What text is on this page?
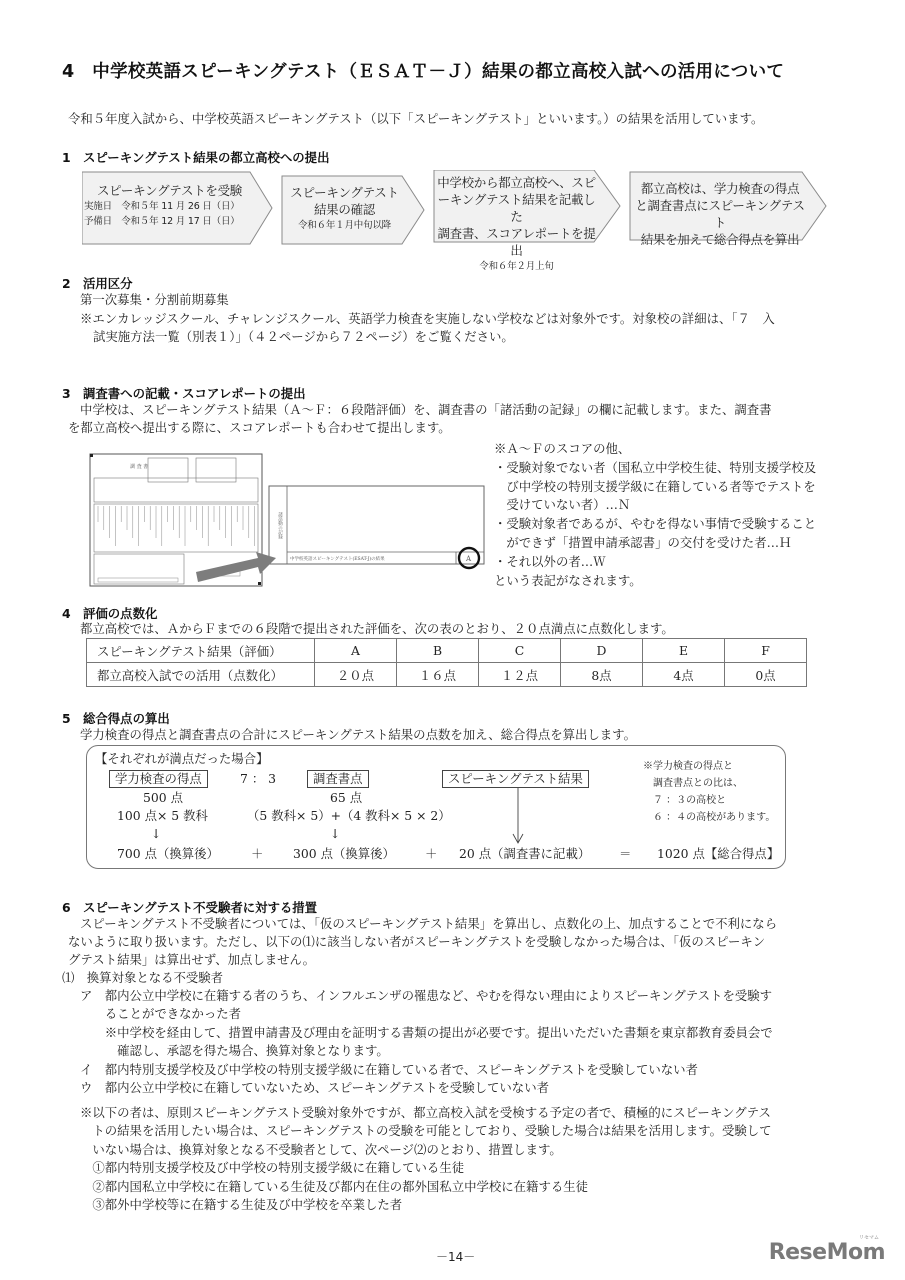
4　中学校英語スピーキングテスト（ＥＳＡＴ－Ｊ）結果の都立高校入試への活用について
令和５年度入試から、中学校英語スピーキングテスト（以下「スピーキングテスト」といいます。）の結果を活用しています。
1　スピーキングテスト結果の都立高校への提出
スピーキングテストを受験
実施日　令和５年 11 月 26 日（日）
予備日　令和５年 12 月 17 日（日）
スピーキングテスト
結果の確認
令和６年１月中旬以降
中学校から都立高校へ、スピ
ーキングテスト結果を記載した
調査書、スコアレポートを提出
令和６年２月上旬
都立高校は、学力検査の得点
と調査書点にスピーキングテスト
結果を加えて総合得点を算出
2　活用区分
第一次募集・分割前期募集
※エンカレッジスクール、チャレンジスクール、英語学力検査を実施しない学校などは対象外です。対象校の詳細は、「７　入
試実施方法一覧（別表１）」（４２ページから７２ページ）をご覧ください。
3　調査書への記載・スコアレポートの提出
中学校は、スピーキングテスト結果（Ａ～Ｆ：６段階評価）を、調査書の「諸活動の記録」の欄に記載します。また、調査書
を都立高校へ提出する際に、スコアレポートも合わせて提出します。
調 査 書
諸活動の記録
中学校英語スピーキングテスト(ESAT-J)の結果	A
※Ａ～Ｆのスコアの他、
・受験対象でない者（国私立中学校生徒、特別支援学校及
　び中学校の特別支援学級に在籍している者等でテストを
　受けていない者）…Ｎ
・受験対象者であるが、やむを得ない事情で受験すること
　ができず「措置申請承認書」の交付を受けた者…Ｈ
・それ以外の者…Ｗ
という表記がなされます。
4　評価の点数化
都立高校では、ＡからＦまでの６段階で提出された評価を、次の表のとおり、２０点満点に点数化します。
スピーキングテスト結果（評価）	A	B	C	D	E	F
都立高校入試での活用（点数化）	２０点	１６点	１２点	8点	4点	0点
5　総合得点の算出
学力検査の得点と調査書点の合計にスピーキングテスト結果の点数を加え、総合得点を算出します。
【それぞれが満点だった場合】
学力検査の得点	7 ： 3	調査書点	スピーキングテスト結果
500 点
100 点× 5 教科
↓
65 点
（5 教科× 5）+（4 教科× 5 × 2）
↓
700 点（換算後）	＋ 300 点（換算後） ＋ 20 点（調査書に記載） ＝ 1020 点【総合得点】
※学力検査の得点と
　調査書点との比は、
　７ ：３の高校と
　６ ：４の高校があります。
6　スピーキングテスト不受験者に対する措置
スピーキングテスト不受験者については、「仮のスピーキングテスト結果」を算出し、点数化の上、加点することで不利になら
ないように取り扱います。ただし、以下の⑴に該当しない者がスピーキングテストを受験しなかった場合は、「仮のスピーキン
グテスト結果」は算出せず、加点しません。
⑴　換算対象となる不受験者
ア　都内公立中学校に在籍する者のうち、インフルエンザの罹患など、やむを得ない理由によりスピーキングテストを受験す
　　ることができなかった者
　　※中学校を経由して、措置申請書及び理由を証明する書類の提出が必要です。提出いただいた書類を東京都教育委員会で
　　　確認し、承認を得た場合、換算対象となります。
イ　都内特別支援学校及び中学校の特別支援学級に在籍している者で、スピーキングテストを受験していない者
ウ　都内公立中学校に在籍していないため、スピーキングテストを受験していない者
※以下の者は、原則スピーキングテスト受験対象外ですが、都立高校入試を受検する予定の者で、積極的にスピーキングテス
　トの結果を活用したい場合は、スピーキングテストの受験を可能としており、受験した場合は結果を活用します。受験して
　いない場合は、換算対象となる不受験者として、次ページ⑵のとおり、措置します。
　①都内特別支援学校及び中学校の特別支援学級に在籍している生徒
　②都内国私立中学校に在籍している生徒及び都内在住の都外国私立中学校に在籍する生徒
　③都外中学校等に在籍する生徒及び中学校を卒業した者
－14－	ReseMom
リセマム
